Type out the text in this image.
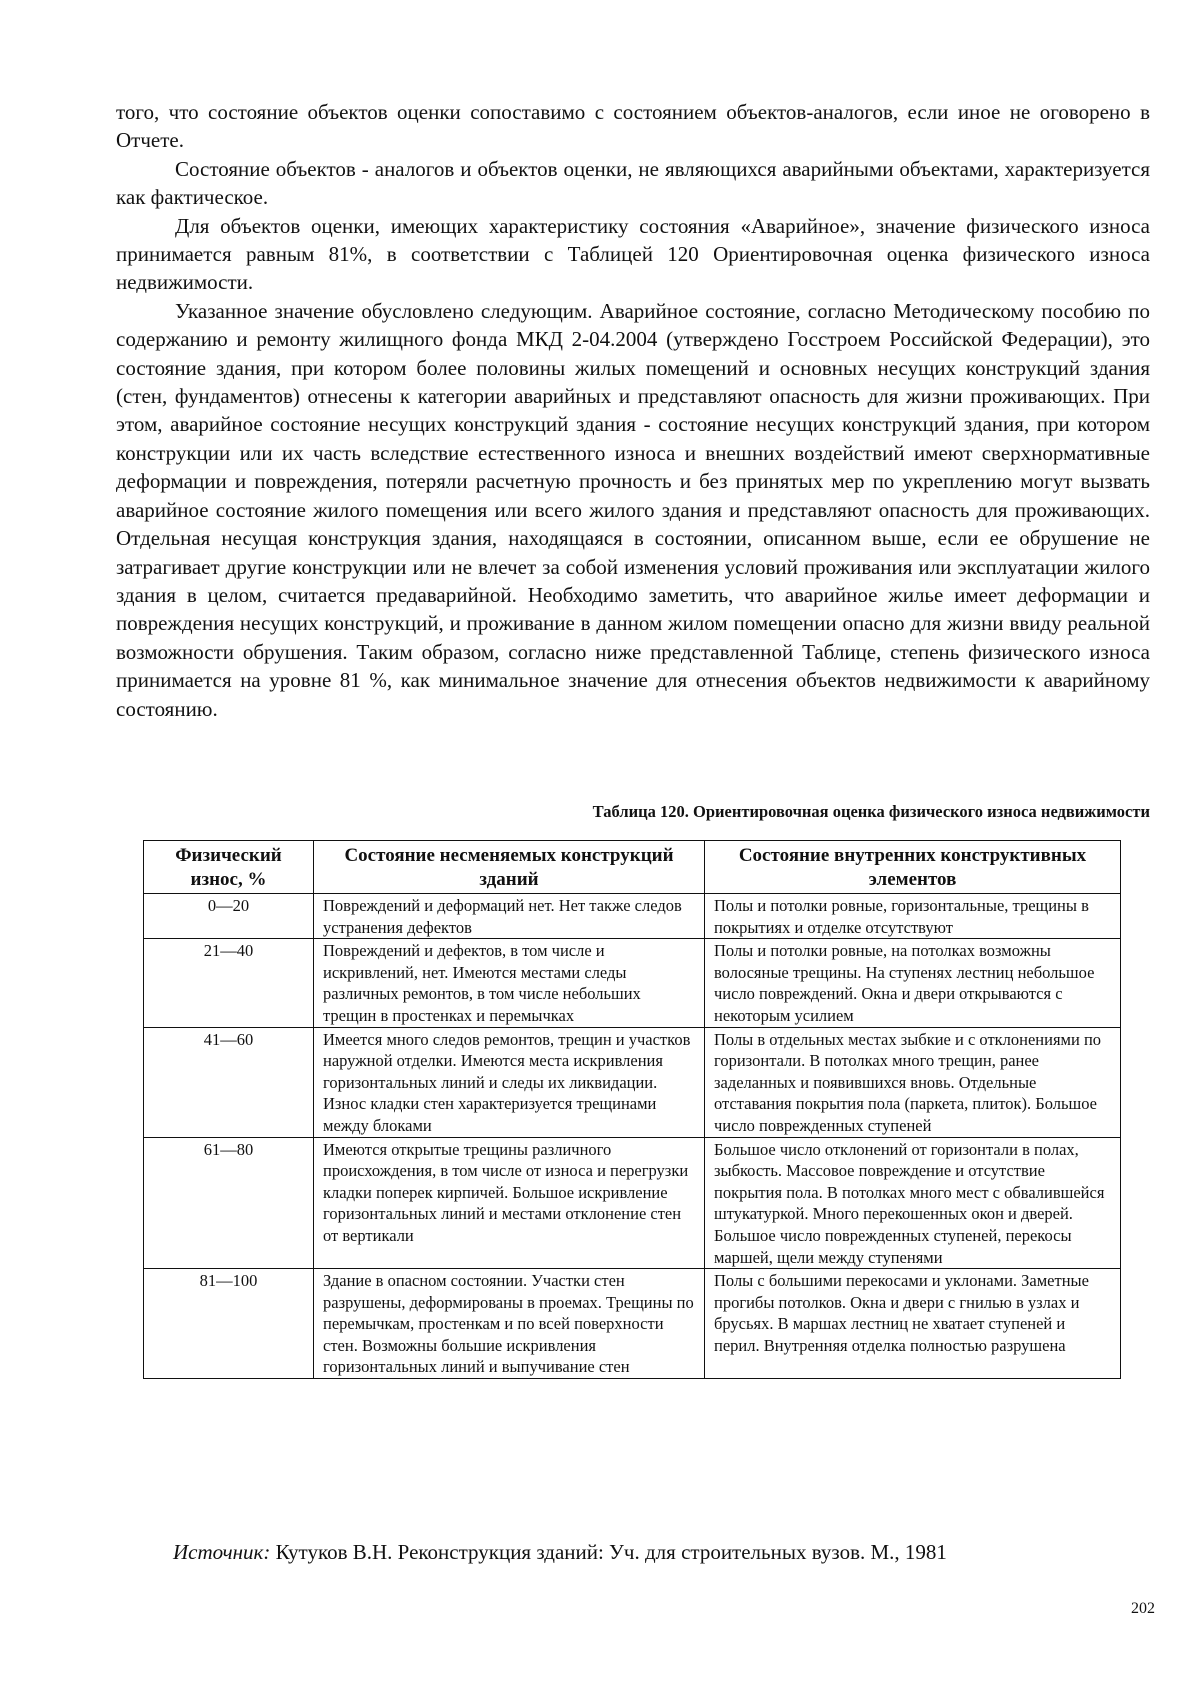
того, что состояние объектов оценки сопоставимо с состоянием объектов-аналогов, если иное не оговорено в Отчете.

Состояние объектов - аналогов и объектов оценки, не являющихся аварийными объектами, характеризуется как фактическое.

Для объектов оценки, имеющих характеристику состояния «Аварийное», значение физического износа принимается равным 81%, в соответствии с Таблицей 120 Ориентировочная оценка физического износа недвижимости.

Указанное значение обусловлено следующим. Аварийное состояние, согласно Методическому пособию по содержанию и ремонту жилищного фонда МКД 2-04.2004 (утверждено Госстроем Российской Федерации), это состояние здания, при котором более половины жилых помещений и основных несущих конструкций здания (стен, фундаментов) отнесены к категории аварийных и представляют опасность для жизни проживающих. При этом, аварийное состояние несущих конструкций здания - состояние несущих конструкций здания, при котором конструкции или их часть вследствие естественного износа и внешних воздействий имеют сверхнормативные деформации и повреждения, потеряли расчетную прочность и без принятых мер по укреплению могут вызвать аварийное состояние жилого помещения или всего жилого здания и представляют опасность для проживающих. Отдельная несущая конструкция здания, находящаяся в состоянии, описанном выше, если ее обрушение не затрагивает другие конструкции или не влечет за собой изменения условий проживания или эксплуатации жилого здания в целом, считается предаварийной. Необходимо заметить, что аварийное жилье имеет деформации и повреждения несущих конструкций, и проживание в данном жилом помещении опасно для жизни ввиду реальной возможности обрушения. Таким образом, согласно ниже представленной Таблице, степень физического износа принимается на уровне 81 %, как минимальное значение для отнесения объектов недвижимости к аварийному состоянию.

Таблица 120. Ориентировочная оценка физического износа недвижимости
Физический износ, %	Состояние несменяемых конструкций зданий	Состояние внутренних конструктивных элементов
0—20	Повреждений и деформаций нет. Нет также следов устранения дефектов	Полы и потолки ровные, горизонтальные, трещины в покрытиях и отделке отсутствуют
21—40	Повреждений и дефектов, в том числе и искривлений, нет. Имеются местами следы различных ремонтов, в том числе небольших трещин в простенках и перемычках	Полы и потолки ровные, на потолках возможны волосяные трещины. На ступенях лестниц небольшое число повреждений. Окна и двери открываются с некоторым усилием
41—60	Имеется много следов ремонтов, трещин и участков наружной отделки. Имеются места искривления горизонтальных линий и следы их ликвидации. Износ кладки стен характеризуется трещинами между блоками	Полы в отдельных местах зыбкие и с отклонениями по горизонтали. В потолках много трещин, ранее заделанных и появившихся вновь. Отдельные отставания покрытия пола (паркета, плиток). Большое число поврежденных ступеней
61—80	Имеются открытые трещины различного происхождения, в том числе от износа и перегрузки кладки поперек кирпичей. Большое искривление горизонтальных линий и местами отклонение стен от вертикали	Большое число отклонений от горизонтали в полах, зыбкость. Массовое повреждение и отсутствие покрытия пола. В потолках много мест с обвалившейся штукатуркой. Много перекошенных окон и дверей. Большое число поврежденных ступеней, перекосы маршей, щели между ступенями
81—100	Здание в опасном состоянии. Участки стен разрушены, деформированы в проемах. Трещины по перемычкам, простенкам и по всей поверхности стен. Возможны большие искривления горизонтальных линий и выпучивание стен	Полы с большими перекосами и уклонами. Заметные прогибы потолков. Окна и двери с гнилью в узлах и брусьях. В маршах лестниц не хватает ступеней и перил. Внутренняя отделка полностью разрушена
Источник: Кутуков В.Н. Реконструкция зданий: Уч. для строительных вузов. М., 1981
202
